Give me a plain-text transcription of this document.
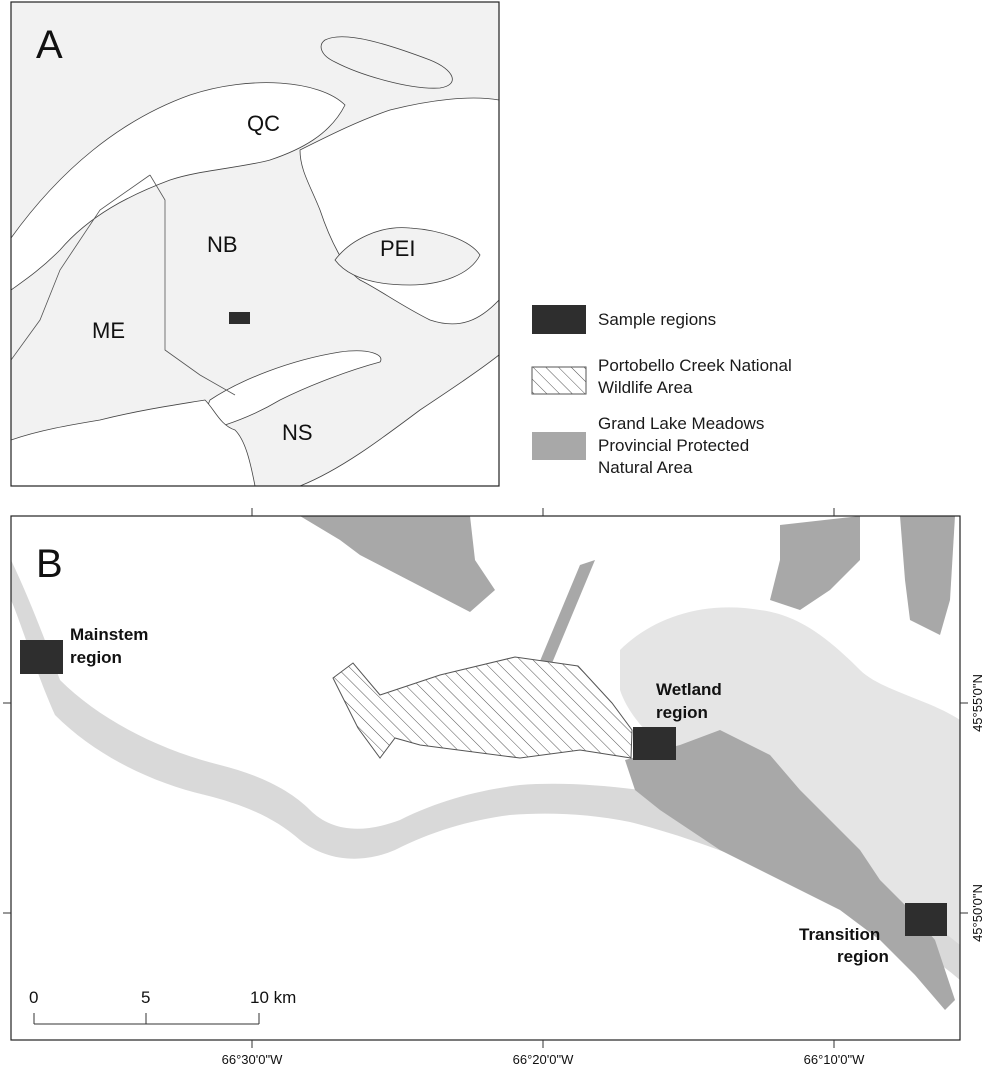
A
QC
NB	PEI
ME
NS
B
Mainstem
region
Wetland
region
Transition
region
0	5	10 km
66°30'0"W	66°20'0"W	66°10'0"W
45°55'0"N
45°50'0"N
Sample regions
Portobello Creek National
Wildlife Area
Grand Lake Meadows
Provincial Protected
Natural Area
